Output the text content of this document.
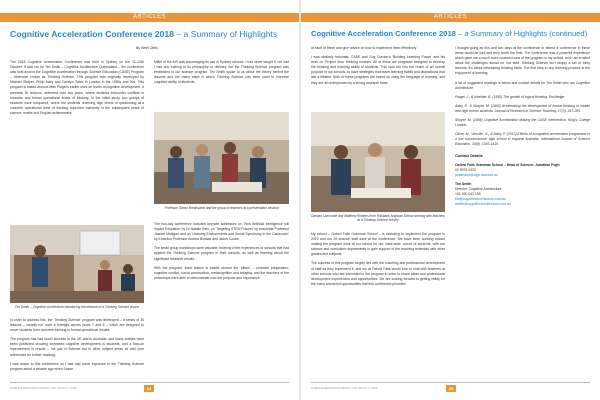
ARTICLES
Cognitive Acceleration Conference 2018 – a Summary of Highlights
By Beth Oldis

The 2018 Cognitive Acceleration Conference was held in Sydney on the 11–12th October. It was run by Tim Smith – Cognitive Architecture Queensland – the conference was built around the Cognitive Acceleration through Science Education (CASE) Program – otherwise known as Thinking Science. This program was originally developed by Michael Shayer, Philip Adey and Carolyn Yates in London in the 1980s and 90s. This program is based around Jean Piaget's earlier work on levels of cognitive development. It presents 30 lessons, delivered over two years, where students encounter conflicts in concrete and formal operational levels of thinking. In the initial study, two groups of students were compared, where the students receiving high levels of questioning at a concrete operational level of thinking improved markedly in the subsequent years of science, maths and English achievement.

Tim Smith – Cognitive Architecture introducing the network of a Thinking Science lesson

In order to address this, the 'Thinking Science' program was developed – a series of 30 lessons – usually run once a fortnight across years 7 and 8 – which are designed to move students from concrete thinking to formal operational modes.

The program has had much success in the UK and in Australia, and many articles have been published showing increased cognitive development in students, and a flow-on improvement in results – not just in Science but in other subject areas as well (see references for further reading).

I was drawn to this conference as I had had some exposure to the Thinking Science program about a decade ago when Susan

Miller of the AIS was encouraging its use in Sydney schools. I had never taught it, nor had I had any training in its philosophy or delivery, but the Thinking Science program was embedded in our science program. Tim Smith spoke to us about the theory behind the lessons and the many ways in which Thinking Science has been used to increase cognitive ability in students.

Professor Simon Breakspear and the group of teachers at a presentation session

The two-day conference included keynote addresses on 'How Artificial Intelligence will impact Education' by Dr Natalie Reis, on 'Targeting STEM Futures' by Associate Professor Joanne Mulligan and on 'Learning Environments and Social Synchrony in the Classroom' by Emeritus Professor Andrea Bolstad and Jason Cooke.

The small group workshops were valuable, hearing of the experiences of schools that had applied the Thinking Science program in their schools, as well as learning about the significant research results.

With the program, each lesson is based around the 'pillars' – concrete preparation, cognitive conflict, social construction, metacognition and bridging, and the teachers of the workshops were able to demonstrate how the purpose and importance

SCIENCE EDUCATION NEWS • VOL 68 NO 1 • 2019	24
ARTICLES
Cognitive Acceleration Conference 2018 – a Summary of Highlights (continued)

of each of these and give advice on how to implement them effectively.

I was similarly fortunate, CASE and Guy Claxton's 'Building Learning Power' and his work on 'Project Zero' thinking routines. All of these are programs designed to develop the thinking and learning ability of students. This took me into the realm of an overall purpose in our schools, to have strategies that teach learning habits and dispositions that last a lifetime. Both of these programs are based on using the language of learning, and they are all underpinned by a strong research base.

Damian Larcombe and Matthew Richens from Hillsbank Anglican School working with teachers at a Thinking Science Activity

My school – Oxford Falls Grammar School – is intending to implement the program in 2019 and our 25 science staff were at the conference. We have been working toward making the program work at our school for our 'case-wide' cohort of students, with our science and curriculum departments to gain support of the teaching materials with other grades and subjects.

The success of this program largely lies with the coaching and professional development of staff as they implement it, and we at Oxford Falls would love to chat with teachers at other schools who are interested in the program in order to share ideas and professional development experiences and opportunities. We are looking forward to getting ready for the many wonderful opportunities that this conference provided.

I thought going as this and two days at the conference to attend a conference in these areas would be well and truly worth the time. The conference was a powerful experience which gave me a much more nuanced view of the program in my school, and I am excited about the challenges ahead for our staff. Thinking Science isn't simply a set of thirty lessons; it's about developing thinking skills. The first step in any learning process is the enjoyment of learning.

A list of suggested readings is below and contact details for Tim Smith who ran Cognitive Architecture.

Piaget, J., & Inhelder, B. (1958) The growth of logical thinking. Routledge

Adey, P., & Shayer, M. (1990) Accelerating the development of formal thinking in middle and high school students. Journal of Research in Science Teaching, 27(3), 267-285.

Shayer, M. (1999) Cognitive Acceleration Making the CASE Intervention. King's College London.

Oliver, M., Venville, G., & Adey, P. (2012) Effects of a cognitive acceleration programme in a low socioeconomic high school in regional Australia. International Journal of Science Education, 34(9), 1393-1410.

Contact Details

Oxford Falls Grammar School – Head of Science: Jonathan Pugh

02 9975 0333

jonathanp@ofgs.nsw.edu.au

Tim Smith

Director, Cognitive Architecture

+61 490 043 158

tim@cognitivearchitecture.com.au

tsmith@cognitivearchitecture.com.au

SCIENCE EDUCATION NEWS • VOL 68 NO 1 • 2019	25
